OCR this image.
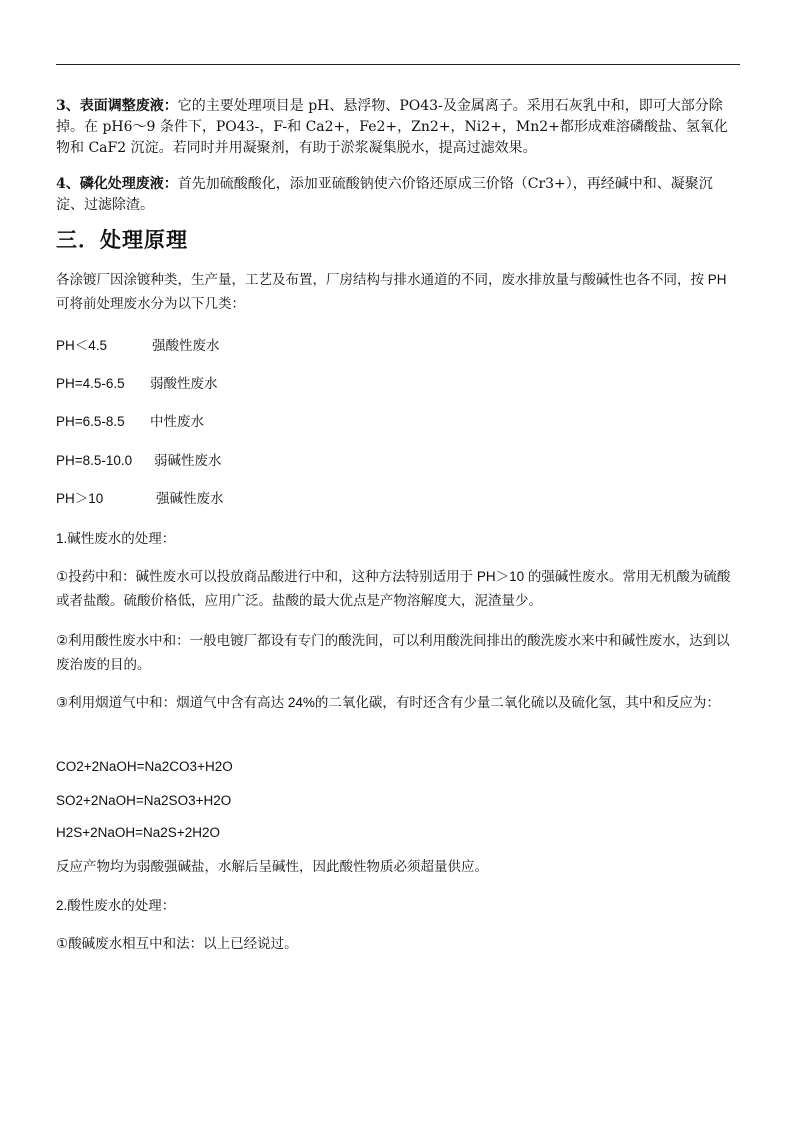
3、表面调整废液：它的主要处理项目是 pH、悬浮物、PO43-及金属离子。采用石灰乳中和，即可大部分除掉。在 pH6～9 条件下，PO43-，F-和 Ca2+，Fe2+，Zn2+，Ni2+，Mn2+都形成难溶磷酸盐、氢氧化物和 CaF2 沉淀。若同时并用凝聚剂，有助于淤浆凝集脱水，提高过滤效果。
4、磷化处理废液：首先加硫酸酸化，添加亚硫酸钠使六价铬还原成三价铬（Cr3+），再经碱中和、凝聚沉淀、过滤除渣。
三．处理原理
各涂镀厂因涂镀种类，生产量，工艺及布置，厂房结构与排水通道的不同，废水排放量与酸碱性也各不同，按 PH 可将前处理废水分为以下几类：
PH＜4.5	强酸性废水
PH=4.5-6.5 弱酸性废水
PH=6.5-8.5 中性废水
PH=8.5-10.0 弱碱性废水
PH＞10	强碱性废水
1.碱性废水的处理：
①投药中和：碱性废水可以投放商品酸进行中和，这种方法特别适用于 PH＞10 的强碱性废水。常用无机酸为硫酸或者盐酸。硫酸价格低，应用广泛。盐酸的最大优点是产物溶解度大，泥渣量少。
②利用酸性废水中和：一般电镀厂都设有专门的酸洗间，可以利用酸洗间排出的酸洗废水来中和碱性废水，达到以废治废的目的。
③利用烟道气中和：烟道气中含有高达 24%的二氧化碳，有时还含有少量二氧化硫以及硫化氢，其中和反应为：
CO2+2NaOH=Na2CO3+H2O
SO2+2NaOH=Na2SO3+H2O
H2S+2NaOH=Na2S+2H2O
反应产物均为弱酸强碱盐，水解后呈碱性，因此酸性物质必须超量供应。
2.酸性废水的处理：
①酸碱废水相互中和法：以上已经说过。
